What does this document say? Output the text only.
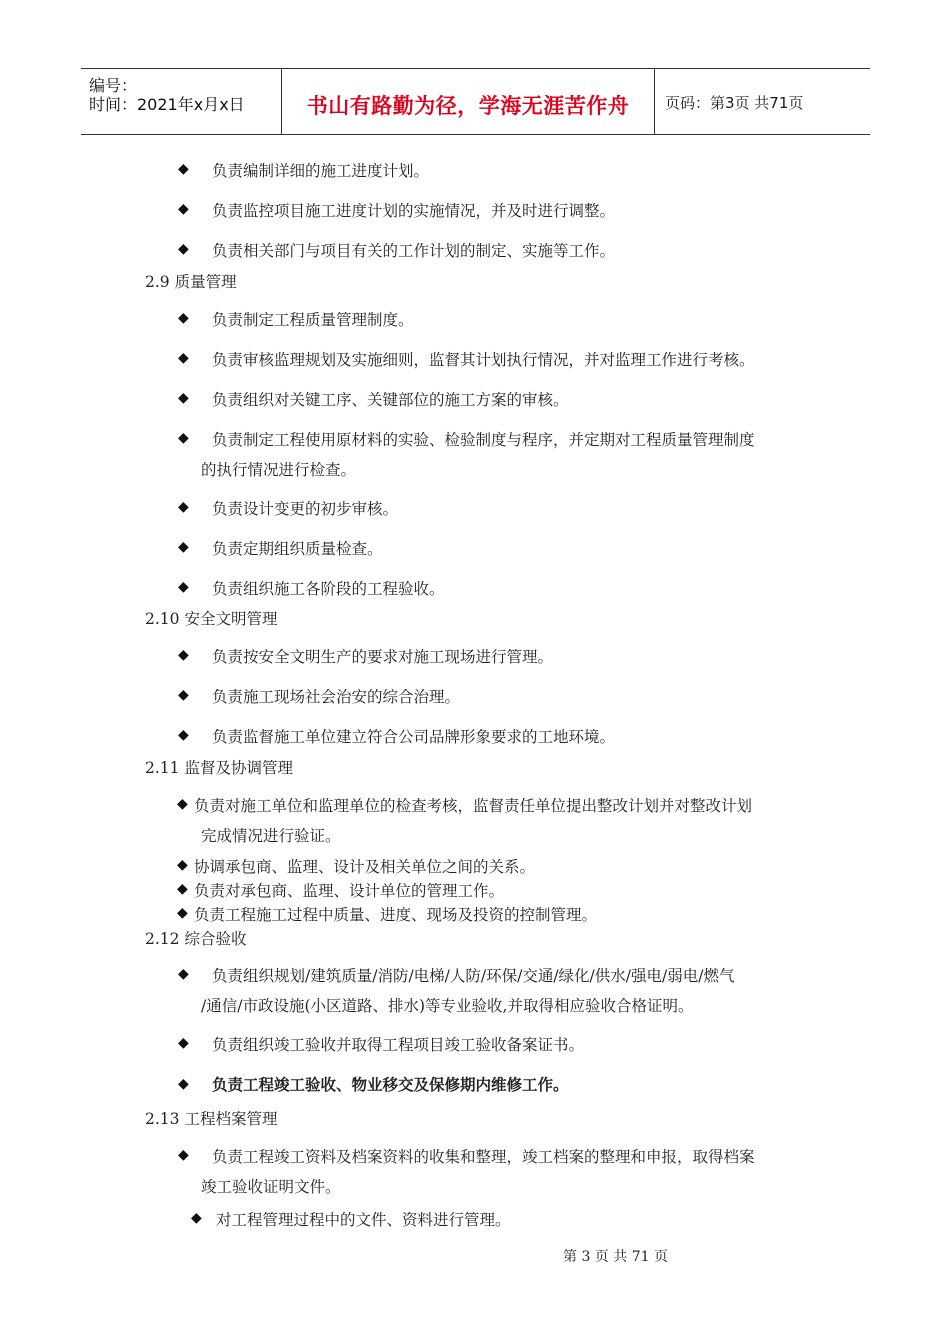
编号：
时间：2021年x月x日	书山有路勤为径，学海无涯苦作舟	页码：第3页 共71页
◆ 负责编制详细的施工进度计划。
◆ 负责监控项目施工进度计划的实施情况，并及时进行调整。
◆ 负责相关部门与项目有关的工作计划的制定、实施等工作。
2.9 质量管理
◆ 负责制定工程质量管理制度。
◆ 负责审核监理规划及实施细则，监督其计划执行情况，并对监理工作进行考核。
◆ 负责组织对关键工序、关键部位的施工方案的审核。
◆ 负责制定工程使用原材料的实验、检验制度与程序，并定期对工程质量管理制度
的执行情况进行检查。
◆ 负责设计变更的初步审核。
◆ 负责定期组织质量检查。
◆ 负责组织施工各阶段的工程验收。
2.10 安全文明管理
◆ 负责按安全文明生产的要求对施工现场进行管理。
◆ 负责施工现场社会治安的综合治理。
◆ 负责监督施工单位建立符合公司品牌形象要求的工地环境。
2.11 监督及协调管理
◆ 负责对施工单位和监理单位的检查考核，监督责任单位提出整改计划并对整改计划
完成情况进行验证。
◆ 协调承包商、监理、设计及相关单位之间的关系。
◆ 负责对承包商、监理、设计单位的管理工作。
◆ 负责工程施工过程中质量、进度、现场及投资的控制管理。
2.12 综合验收
◆ 负责组织规划/建筑质量/消防/电梯/人防/环保/交通/绿化/供水/强电/弱电/燃气
/通信/市政设施(小区道路、排水)等专业验收,并取得相应验收合格证明。
◆ 负责组织竣工验收并取得工程项目竣工验收备案证书。
◆ 负责工程竣工验收、物业移交及保修期内维修工作。
2.13 工程档案管理
◆ 负责工程竣工资料及档案资料的收集和整理，竣工档案的整理和申报，取得档案
竣工验收证明文件。
◆ 对工程管理过程中的文件、资料进行管理。
第 3 页 共 71 页
